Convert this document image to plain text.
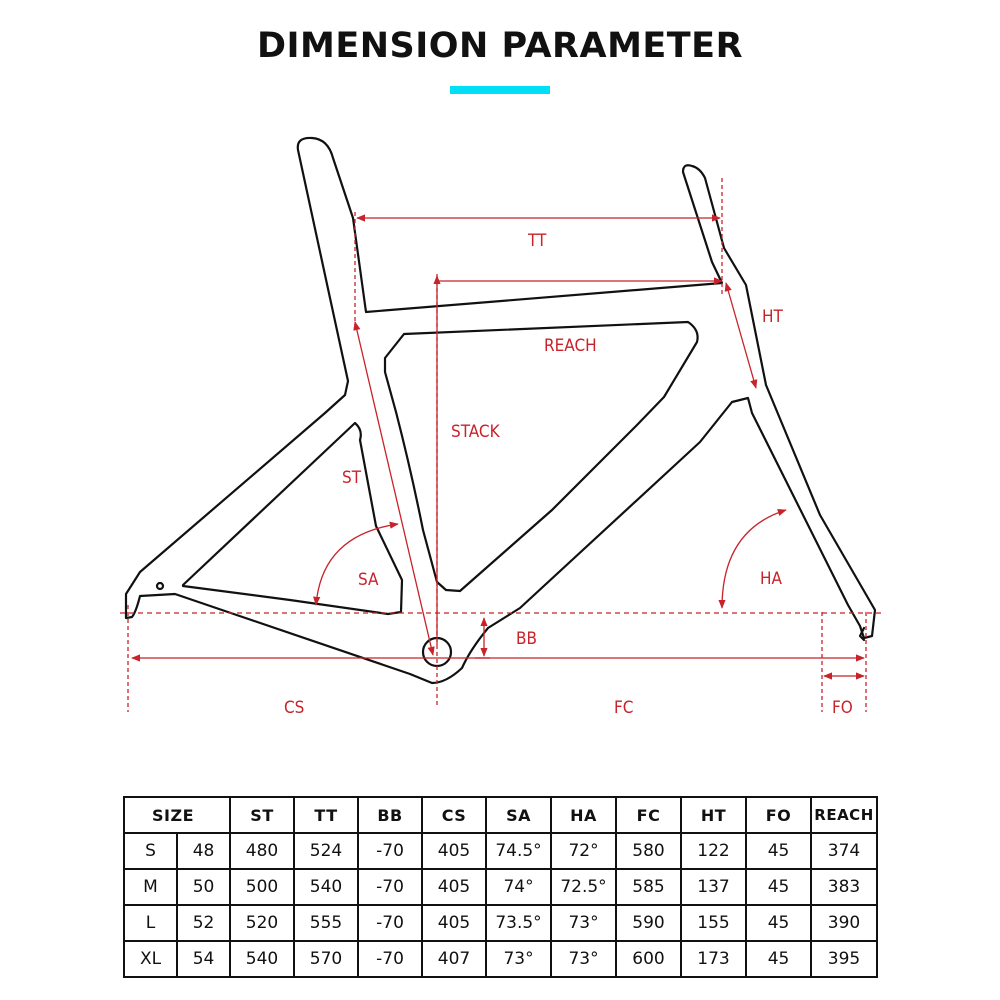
DIMENSION PARAMETER
TT
HT
REACH
STACK
ST
SA	HA
BB
CS	FC	FO
SIZE		ST	TT	BB	CS	SA	HA	FC	HT	FO	REACH
S	48	480	524	-70	405	74.5°	72°	580	122	45	374
M	50	500	540	-70	405	74°	72.5°	585	137	45	383
L	52	520	555	-70	405	73.5°	73°	590	155	45	390
XL	54	540	570	-70	407	73°	73°	600	173	45	395
